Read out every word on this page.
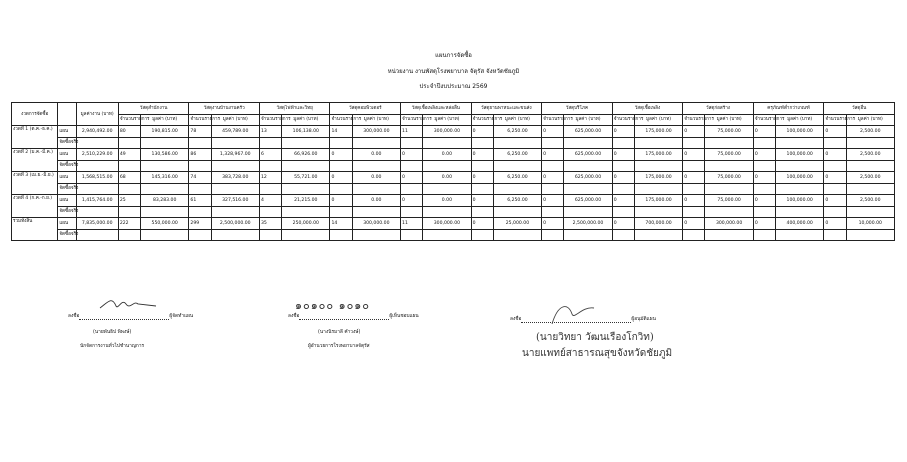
แผนการจัดซื้อ
หน่วยงาน งานพัสดุโรงพยาบาล จัตุรัส จังหวัดชัยภูมิ
ประจำปีงบประมาณ 2569
งวดการจัดซื้อ		มูลค่างาน (บาท)	วัสดุสำนักงาน		วัสดุงานบ้านงานครัว		วัสดุไฟฟ้าและวิทยุ		วัสดุคอมพิวเตอร์		วัสดุเชื้อเพลิงและหล่อลื่น		วัสดุยานพาหนะและขนส่ง		วัสดุบริโภค		วัสดุเชื้อเพลิง		วัสดุก่อสร้าง		ครุภัณฑ์ต่ำกว่าเกณฑ์		วัสดุอื่น	
			จำนวนรายการ	มูลค่า (บาท)	จำนวนรายการ	มูลค่า (บาท)	จำนวนรายการ	มูลค่า (บาท)	จำนวนรายการ	มูลค่า (บาท)	จำนวนรายการ	มูลค่า (บาท)	จำนวนรายการ	มูลค่า (บาท)	จำนวนรายการ	มูลค่า (บาท)	จำนวนรายการ	มูลค่า (บาท)	จำนวนรายการ	มูลค่า (บาท)	จำนวนรายการ	มูลค่า (บาท)	จำนวนรายการ	มูลค่า (บาท)
งวดที่ 1 (ต.ค.-ธ.ค.)	แผน	2,940,492.00	80	190,815.00	78	459,789.00	13	106,138.00	14	300,000.00	11	300,000.00	0	6,250.00	0	625,000.00	0	175,000.00	0	75,000.00	0	100,000.00	0	2,500.00
	จัดซื้อจริง																							
งวดที่ 2 (ม.ค.-มี.ค.)	แผน	2,510,229.00	49	130,586.00	86	1,328,967.00	6	66,926.00	0	0.00	0	0.00	0	6,250.00	0	625,000.00	0	175,000.00	0	75,000.00	0	100,000.00	0	2,500.00
	จัดซื้อจริง																							
งวดที่ 3 (เม.ย.-มิ.ย.)	แผน	1,568,515.00	68	145,316.00	74	383,728.00	12	55,721.00	0	0.00	0	0.00	0	6,250.00	0	625,000.00	0	175,000.00	0	75,000.00	0	100,000.00	0	2,500.00
	จัดซื้อจริง																							
งวดที่ 4 (ก.ค.-ก.ย.)	แผน	1,415,764.00	25	83,283.00	61	327,516.00	4	21,215.00	0	0.00	0	0.00	0	6,250.00	0	625,000.00	0	175,000.00	0	75,000.00	0	100,000.00	0	2,500.00
	จัดซื้อจริง																							
รวมทั้งสิ้น	แผน	7,835,000.00	222	550,000.00	299	2,500,000.00	35	250,000.00	14	300,000.00	11	300,000.00	0	25,000.00	0	2,500,000.00	0	700,000.00	0	300,000.00	0	400,000.00	0	10,000.00
	จัดซื้อจริง																							
ลงชื่อ	ผู้จัดทำแผน
(นายพันธิป พิพงษ์)
นักจัดการงานทั่วไปชำนาญการ
๑๐๑๐๐ ๑๐๑๐
ลงชื่อ	ผู้เห็นชอบแผน
(นางนิรมาลี คำวงษ์)
ผู้อำนวยการโรงพยาบาลจัตุรัส
ลงชื่อ	ผู้อนุมัติแผน
(นายวิทยา วัฒนเรืองโกวิท)
นายแพทย์สาธารณสุขจังหวัดชัยภูมิ
